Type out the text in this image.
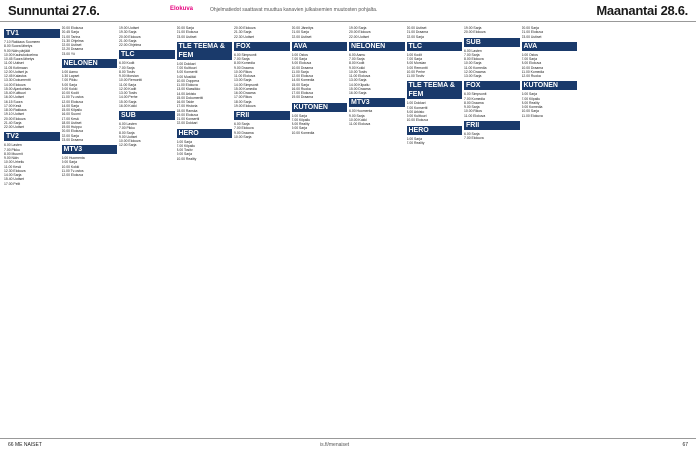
Sunnuntai 27.6.	Elokuva	Ohjelmatiedot saattavat muuttua kanavien julkaisemien muutosten pohjalta.	Maanantai 28.6.
TV1
7.10 Rakkaus Suomeen
8.00 Suora lähetys
9.00 Näin pärjäät
10.00 Kauhukokoelma
10.45 Suora lähetys
11.00 Uutiset
11.05 Kotimaan
12.00 Uutiset ja
12.45 Kalastus
13.30 Dokumentti
14.00 Elokuva
15.00 Ajankohtais
15.40 Kulttuuri
16.00 Uutiset
16.15 Suora
17.00 Kesä
18.00 Rakkaus
19.10 Uutiset
20.00 Elokuva
21.40 Sarja
22.00 Uutiset
TV2
6.00 Lasten
7.00 Pikku
8.00 Muumit
9.00 Näin
10.00 Urheilu
11.00 Kesä
12.30 Elokuva
14.00 Sarja
15.40 Uutiset
17.00 Pelit
20.00 Elokuva
20.45 Sarja
21.00 Tarina
21.30 Ohjelma
22.00 Uutiset
22.20 Draama
23.00 Yö
NELONEN
6.00 Aamu
6.30 Lapset
7.00 Pikku
8.00 Sarja
9.00 Kokki
10.00 Kodit
11.00 Tv-ostos
12.00 Elokuva
14.00 Sarja
15.00 Kilpailu
16.00 Suomi
17.00 Kesä
18.00 Uutiset
19.00 Huippu
20.00 Elokuva
22.00 Sarja
23.00 Draama
MTV3
6.00 Huomenta
9.00 Sarja
10.00 Kokki
11.00 Tv-ostos
12.00 Elokuva
19.00 Uutiset
19.30 Sarja
20.00 Elokuva
21.00 Sarja
22.00 Ohjelma
TLC
6.00 Kodit
7.00 Sarja
8.00 Tositv
9.00 Morsian
10.00 Remontti
11.00 Sarja
12.00 Kodit
13.00 Tositv
14.00 Perhe
15.00 Sarja
16.00 Kokki
SUB
6.00 Lasten
7.00 Pikku
8.00 Sarja
9.00 Uutiset
10.00 Elokuva
12.00 Sarja
20.00 Sarja
21.00 Elokuva
23.00 Uutiset
TLE TEEMA & FEM
6.00 Dokkari
7.00 Kulttuuri
8.00 Konsertti
9.00 Musiikki
10.00 Ooppera
11.00 Elokuva
13.00 Klassikko
14.00 Arkisto
15.00 Dokumentti
16.00 Taide
17.00 Historia
18.00 Ranska
19.00 Elokuva
21.00 Konsertti
22.00 Dokkari
HERO
6.00 Sarja
7.00 Kilpailu
8.00 Tositv
9.00 Sarja
10.00 Reality
20.00 Elokuva
21.30 Sarja
22.30 Uutiset
FOX
6.00 Simpsonit
7.00 Sarja
8.00 Komedia
9.00 Draama
10.00 Rikos
11.00 Elokuva
13.00 Sarja
14.00 Simpsonit
15.00 Komedia
16.00 Draama
17.00 Rikos
18.00 Sarja
19.00 Elokuva
FRII
6.00 Sarja
7.00 Elokuva
9.00 Draama
10.00 Sarja
20.00 Jännitys
21.00 Sarja
22.00 Uutiset
AVA
6.00 Ostos
7.00 Sarja
8.00 Elokuva
10.00 Draama
11.00 Sarja
12.00 Elokuva
14.00 Komedia
15.00 Sarja
16.00 Ruoka
17.00 Elokuva
19.00 Draama
KUTONEN
6.00 Sarja
7.00 Kilpailu
8.00 Reality
9.00 Sarja
10.00 Komedia
19.00 Sarja
20.00 Elokuva
22.00 Uutiset
NELONEN
6.00 Aamu
7.00 Sarja
8.00 Kodit
9.00 Kokki
10.00 Tositv
11.00 Elokuva
13.00 Sarja
14.00 Kilpailu
15.00 Draama
16.00 Sarja
MTV3
6.00 Huomenta
9.00 Sarja
10.00 Kokki
11.00 Elokuva
20.00 Uutiset
21.00 Draama
22.00 Sarja
TLC
6.00 Kodit
7.00 Sarja
8.00 Morsian
9.00 Remontti
10.00 Perhe
11.00 Tositv
TLE TEEMA & FEM
6.00 Dokkari
7.00 Konsertti
8.00 Arkisto
9.00 Kulttuuri
10.00 Elokuva
HERO
6.00 Sarja
7.00 Reality
19.00 Sarja
20.00 Elokuva
SUB
6.00 Lasten
7.00 Sarja
8.00 Elokuva
10.00 Sarja
11.00 Komedia
12.00 Draama
13.00 Sarja
FOX
6.00 Simpsonit
7.00 Komedia
8.00 Draama
9.00 Sarja
10.00 Rikos
11.00 Elokuva
FRII
6.00 Sarja
7.00 Elokuva
20.00 Sarja
21.00 Elokuva
23.00 Uutiset
AVA
6.00 Ostos
7.00 Sarja
8.00 Elokuva
10.00 Draama
11.00 Komedia
12.00 Ruoka
KUTONEN
6.00 Sarja
7.00 Kilpailu
8.00 Reality
9.00 Komedia
10.00 Sarja
11.00 Elokuva
66 ME NAISET	is.fi/menaiset	67
